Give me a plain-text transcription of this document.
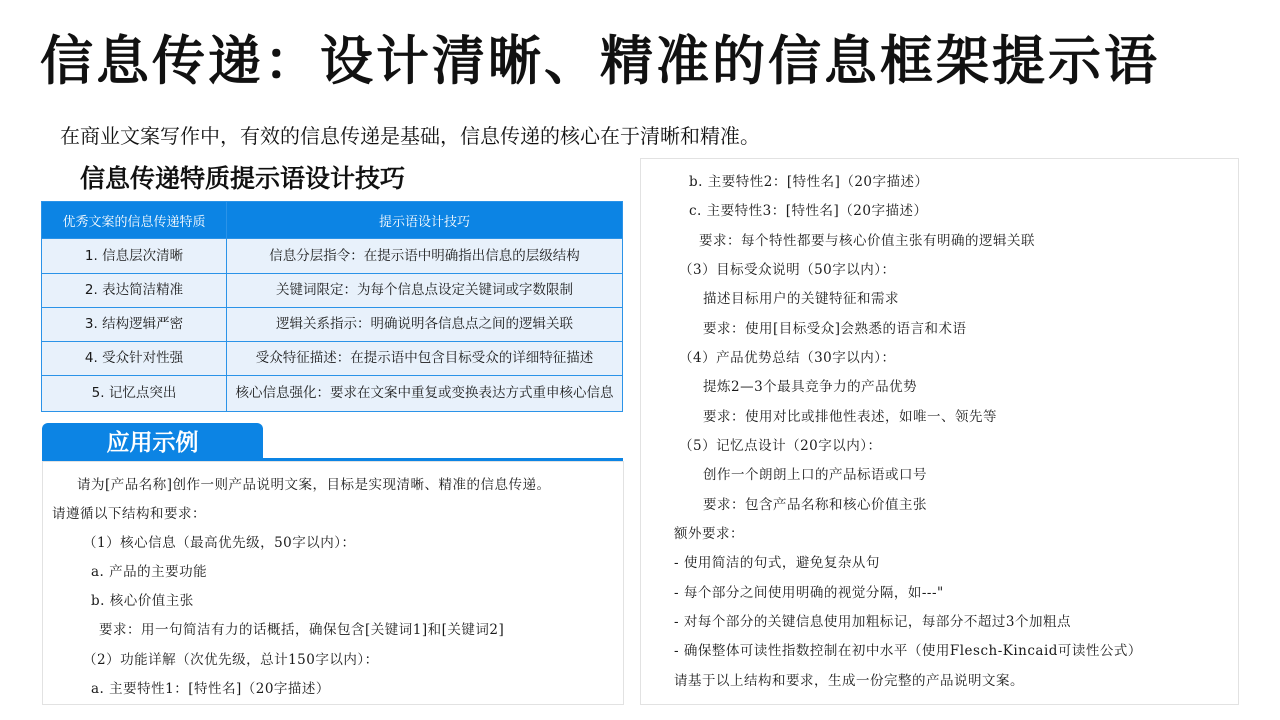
信息传递：设计清晰、精准的信息框架提示语
在商业文案写作中，有效的信息传递是基础，信息传递的核心在于清晰和精准。
信息传递特质提示语设计技巧
优秀文案的信息传递特质	提示语设计技巧
1. 信息层次清晰	信息分层指令：在提示语中明确指出信息的层级结构
2. 表达简洁精准	关键词限定：为每个信息点设定关键词或字数限制
3. 结构逻辑严密	逻辑关系指示：明确说明各信息点之间的逻辑关联
4. 受众针对性强	受众特征描述：在提示语中包含目标受众的详细特征描述
5. 记忆点突出	核心信息强化：要求在文案中重复或变换表达方式重申核心信息
应用示例
请为[产品名称]创作一则产品说明文案，目标是实现清晰、精准的信息传递。
请遵循以下结构和要求：
（1）核心信息（最高优先级，50字以内）：
a. 产品的主要功能
b. 核心价值主张
要求：用一句简洁有力的话概括，确保包含[关键词1]和[关键词2]
（2）功能详解（次优先级，总计150字以内）：
a. 主要特性1：[特性名]（20字描述）
b. 主要特性2：[特性名]（20字描述）
c. 主要特性3：[特性名]（20字描述）
要求：每个特性都要与核心价值主张有明确的逻辑关联
（3）目标受众说明（50字以内）：
描述目标用户的关键特征和需求
要求：使用[目标受众]会熟悉的语言和术语
（4）产品优势总结（30字以内）：
提炼2—3个最具竞争力的产品优势
要求：使用对比或排他性表述，如唯一、领先等
（5）记忆点设计（20字以内）：
创作一个朗朗上口的产品标语或口号
要求：包含产品名称和核心价值主张
额外要求：
- 使用简洁的句式，避免复杂从句
- 每个部分之间使用明确的视觉分隔，如---"
- 对每个部分的关键信息使用加粗标记，每部分不超过3个加粗点
- 确保整体可读性指数控制在初中水平（使用Flesch-Kincaid可读性公式）
请基于以上结构和要求，生成一份完整的产品说明文案。
